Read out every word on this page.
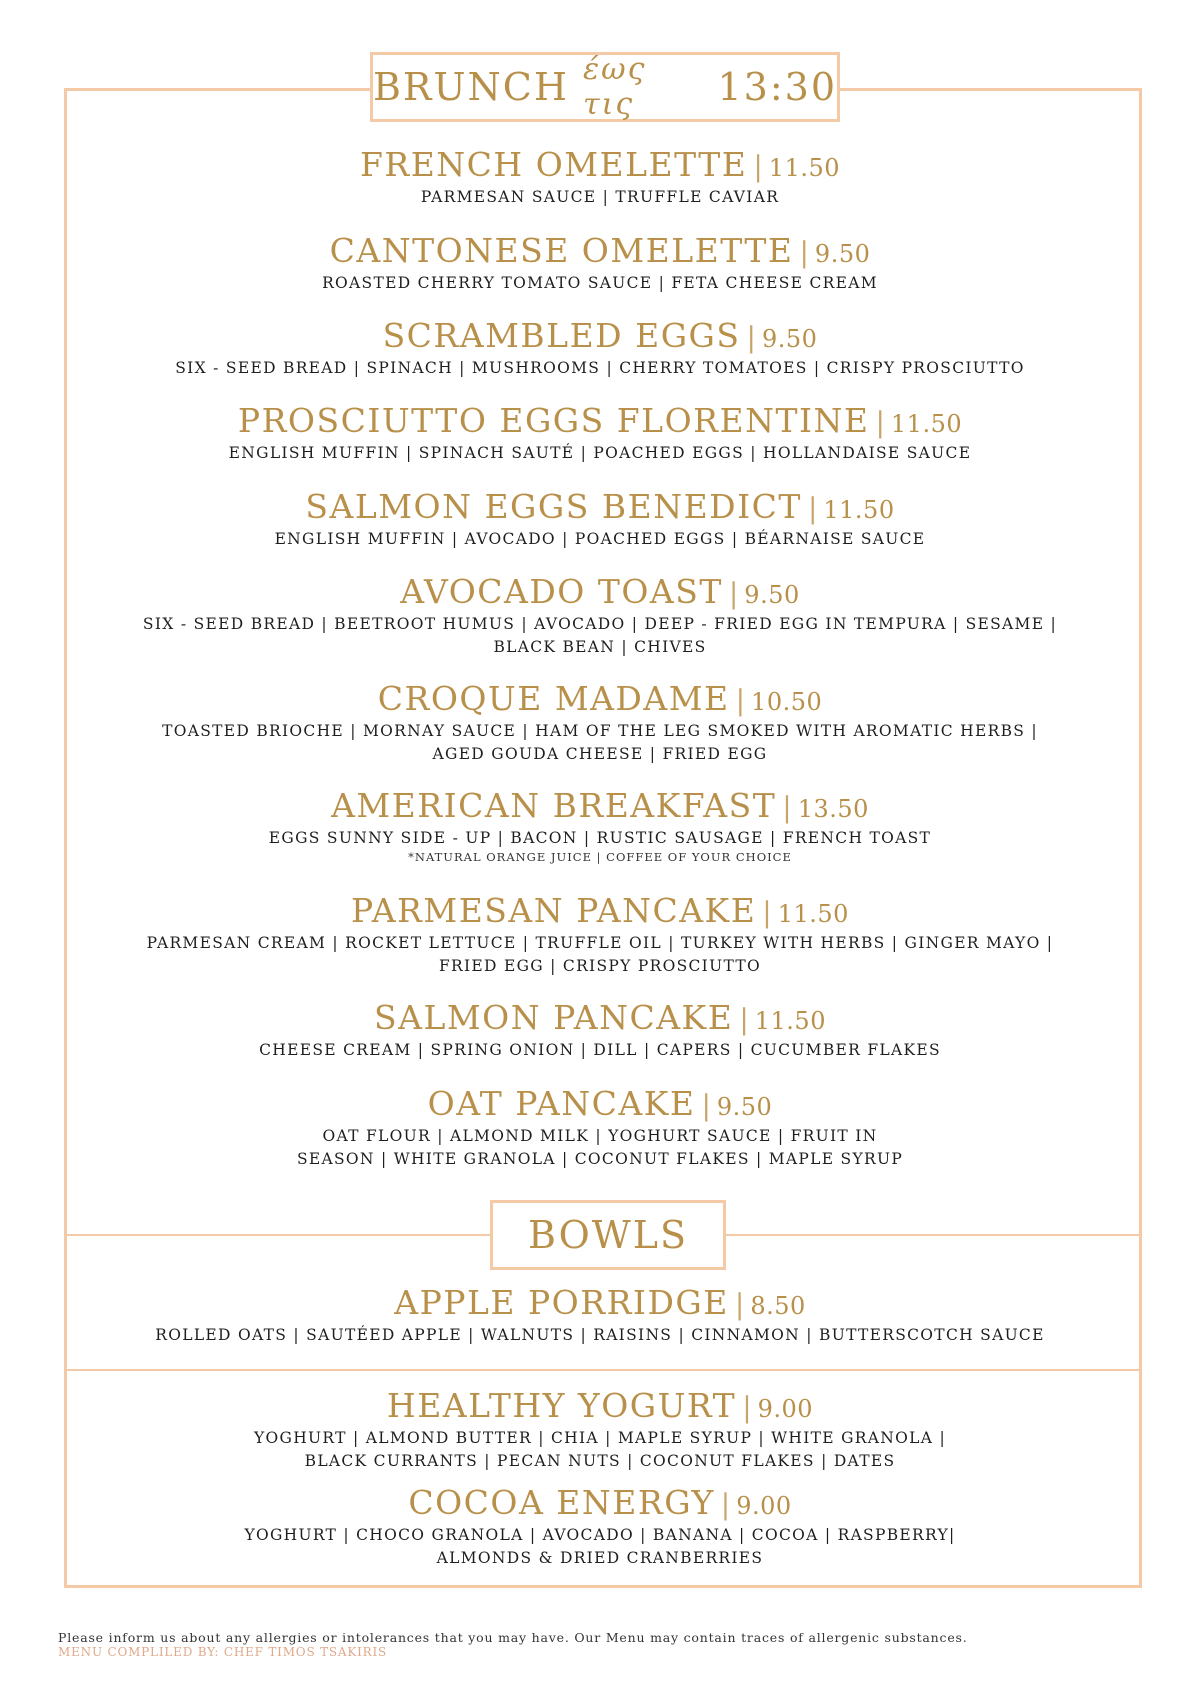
BRUNCH έως τις	13:30
FRENCH OMELETTE | 11.50
PARMESAN SAUCE | TRUFFLE CAVIAR
CANTONESE OMELETTE | 9.50
ROASTED CHERRY TOMATO SAUCE | FETA CHEESE CREAM
SCRAMBLED EGGS | 9.50
SIX - SEED BREAD | SPINACH | MUSHROOMS | CHERRY TOMATOES | CRISPY PROSCIUTTO
PROSCIUTTO EGGS FLORENTINE | 11.50
ENGLISH MUFFIN | SPINACH SAUTÉ | POACHED EGGS | HOLLANDAISE SAUCE
SALMON EGGS BENEDICT | 11.50
ENGLISH MUFFIN | AVOCADO | POACHED EGGS | BÉARNAISE SAUCE
AVOCADO TOAST | 9.50
SIX - SEED BREAD | BEETROOT HUMUS | AVOCADO | DEEP - FRIED EGG IN TEMPURA | SESAME |
BLACK BEAN | CHIVES
CROQUE MADAME | 10.50
TOASTED BRIOCHE | MORNAY SAUCE | HAM OF THE LEG SMOKED WITH AROMATIC HERBS |
AGED GOUDA CHEESE | FRIED EGG
AMERICAN BREAKFAST | 13.50
EGGS SUNNY SIDE - UP | BACON | RUSTIC SAUSAGE | FRENCH TOAST
*NATURAL ORANGE JUICE | COFFEE OF YOUR CHOICE
PARMESAN PANCAKE | 11.50
PARMESAN CREAM | ROCKET LETTUCE | TRUFFLE OIL | TURKEY WITH HERBS | GINGER MAYO |
FRIED EGG | CRISPY PROSCIUTTO
SALMON PANCAKE | 11.50
CHEESE CREAM | SPRING ONION | DILL | CAPERS | CUCUMBER FLAKES
OAT PANCAKE | 9.50
OAT FLOUR | ALMOND MILK | YOGHURT SAUCE | FRUIT IN
SEASON | WHITE GRANOLA | COCONUT FLAKES | MAPLE SYRUP
BOWLS
APPLE PORRIDGE | 8.50
ROLLED OATS | SAUTÉED APPLE | WALNUTS | RAISINS | CINNAMON | BUTTERSCOTCH SAUCE
HEALTHY YOGURT | 9.00
YOGHURT | ALMOND BUTTER | CHIA | MAPLE SYRUP | WHITE GRANOLA |
BLACK CURRANTS | PECAN NUTS | COCONUT FLAKES | DATES
COCOA ENERGY | 9.00
YOGHURT | CHOCO GRANOLA | AVOCADO | BANANA | COCOA | RASPBERRY|
ALMONDS & DRIED CRANBERRIES
Please inform us about any allergies or intolerances that you may have. Our Menu may contain traces of allergenic substances.
MENU COMPLILED BY: CHEF TIMOS TSAKIRIS
